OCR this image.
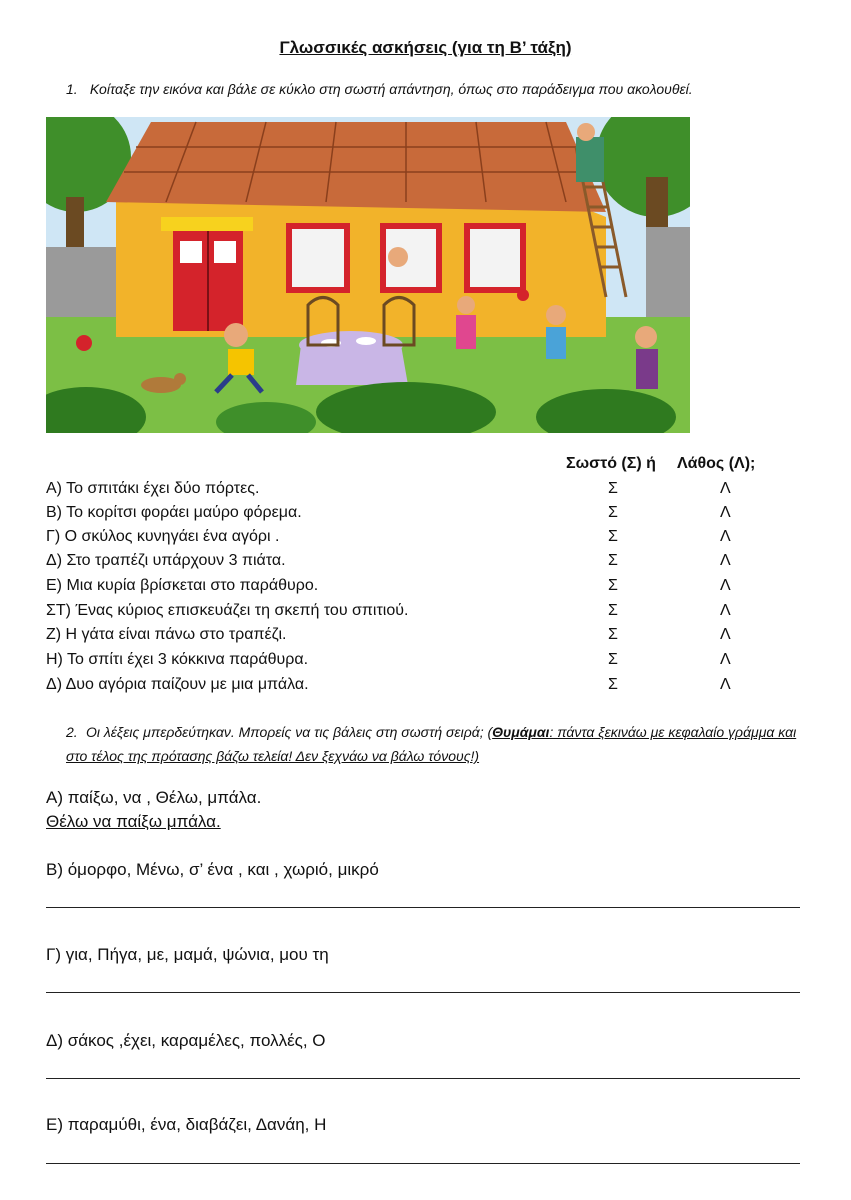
Γλωσσικές ασκήσεις (για τη Β’ τάξη)
1. Κοίταξε την εικόνα και βάλε σε κύκλο στη σωστή απάντηση, όπως στο παράδειγμα που ακολουθεί.
Σωστό (Σ) ή Λάθος (Λ);
Α) Το σπιτάκι έχει δύο πόρτες.	Σ	Λ
Β) Το κορίτσι φοράει μαύρο φόρεμα.	Σ	Λ
Γ) Ο σκύλος κυνηγάει ένα αγόρι .	Σ	Λ
Δ) Στο τραπέζι υπάρχουν 3 πιάτα.	Σ	Λ
Ε) Μια κυρία βρίσκεται στο παράθυρο.	Σ	Λ
ΣΤ) Ένας κύριος επισκευάζει τη σκεπή του σπιτιού.	Σ	Λ
Ζ) Η γάτα είναι πάνω στο τραπέζι.	Σ	Λ
Η) Το σπίτι έχει 3 κόκκινα παράθυρα.	Σ	Λ
Δ) Δυο αγόρια παίζουν με μια μπάλα.	Σ	Λ
2. Οι λέξεις μπερδεύτηκαν. Μπορείς να τις βάλεις στη σωστή σειρά; (Θυμάμαι: πάντα ξεκινάω με κεφαλαίο γράμμα και στο τέλος της πρότασης βάζω τελεία! Δεν ξεχνάω να βάλω τόνους!)
Α) παίξω, να , Θέλω, μπάλα.
Θέλω να παίξω μπάλα.
Β) όμορφο, Μένω, σ’ ένα , και , χωριό, μικρό
Γ) για, Πήγα, με, μαμά, ψώνια, μου τη
Δ) σάκος ,έχει, καραμέλες, πολλές, Ο
Ε) παραμύθι, ένα, διαβάζει, Δανάη, Η
